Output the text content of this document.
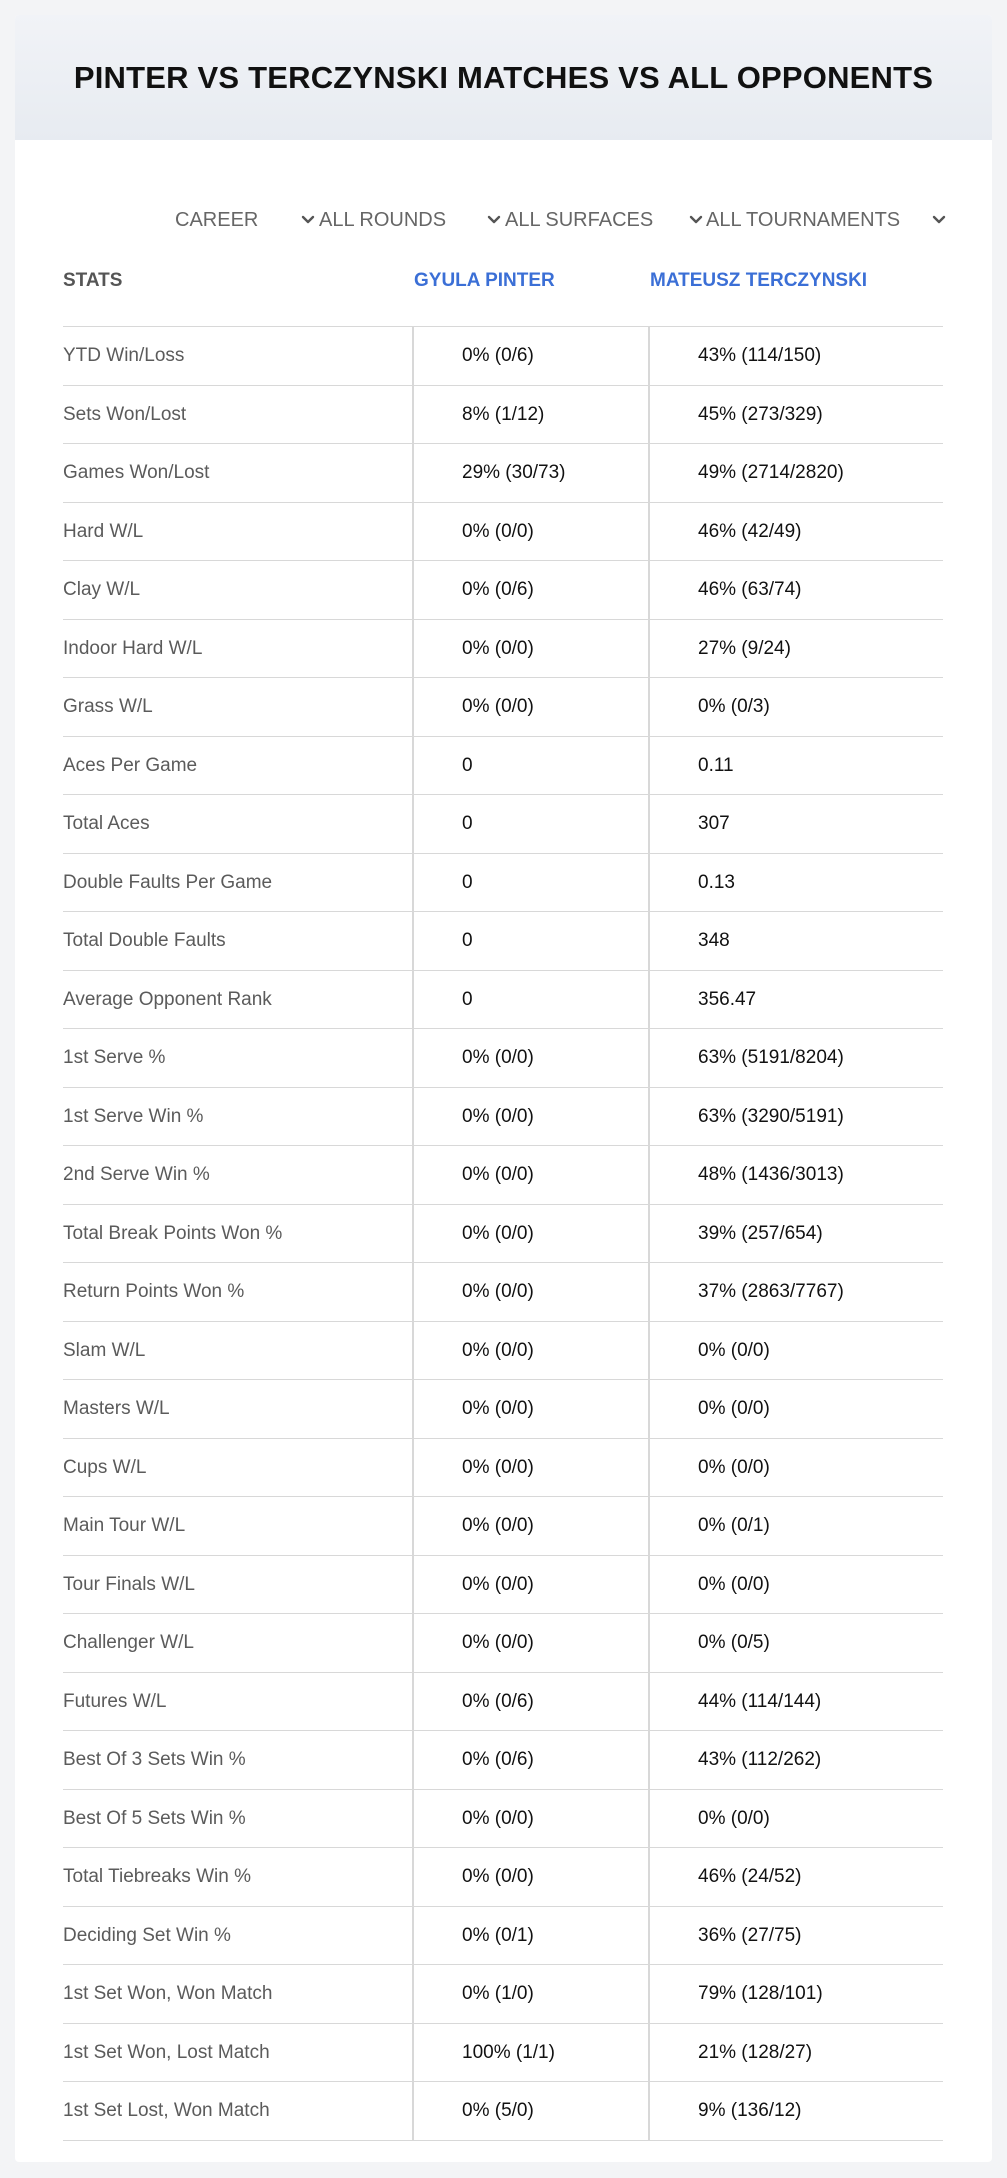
PINTER VS TERCZYNSKI MATCHES VS ALL OPPONENTS
CAREER	ALL ROUNDS	ALL SURFACES	ALL TOURNAMENTS
STATS	GYULA PINTER	MATEUSZ TERCZYNSKI
YTD Win/Loss	0% (0/6)	43% (114/150)
Sets Won/Lost	8% (1/12)	45% (273/329)
Games Won/Lost	29% (30/73)	49% (2714/2820)
Hard W/L	0% (0/0)	46% (42/49)
Clay W/L	0% (0/6)	46% (63/74)
Indoor Hard W/L	0% (0/0)	27% (9/24)
Grass W/L	0% (0/0)	0% (0/3)
Aces Per Game	0	0.11
Total Aces	0	307
Double Faults Per Game	0	0.13
Total Double Faults	0	348
Average Opponent Rank	0	356.47
1st Serve %	0% (0/0)	63% (5191/8204)
1st Serve Win %	0% (0/0)	63% (3290/5191)
2nd Serve Win %	0% (0/0)	48% (1436/3013)
Total Break Points Won %	0% (0/0)	39% (257/654)
Return Points Won %	0% (0/0)	37% (2863/7767)
Slam W/L	0% (0/0)	0% (0/0)
Masters W/L	0% (0/0)	0% (0/0)
Cups W/L	0% (0/0)	0% (0/0)
Main Tour W/L	0% (0/0)	0% (0/1)
Tour Finals W/L	0% (0/0)	0% (0/0)
Challenger W/L	0% (0/0)	0% (0/5)
Futures W/L	0% (0/6)	44% (114/144)
Best Of 3 Sets Win %	0% (0/6)	43% (112/262)
Best Of 5 Sets Win %	0% (0/0)	0% (0/0)
Total Tiebreaks Win %	0% (0/0)	46% (24/52)
Deciding Set Win %	0% (0/1)	36% (27/75)
1st Set Won, Won Match	0% (1/0)	79% (128/101)
1st Set Won, Lost Match	100% (1/1)	21% (128/27)
1st Set Lost, Won Match	0% (5/0)	9% (136/12)
